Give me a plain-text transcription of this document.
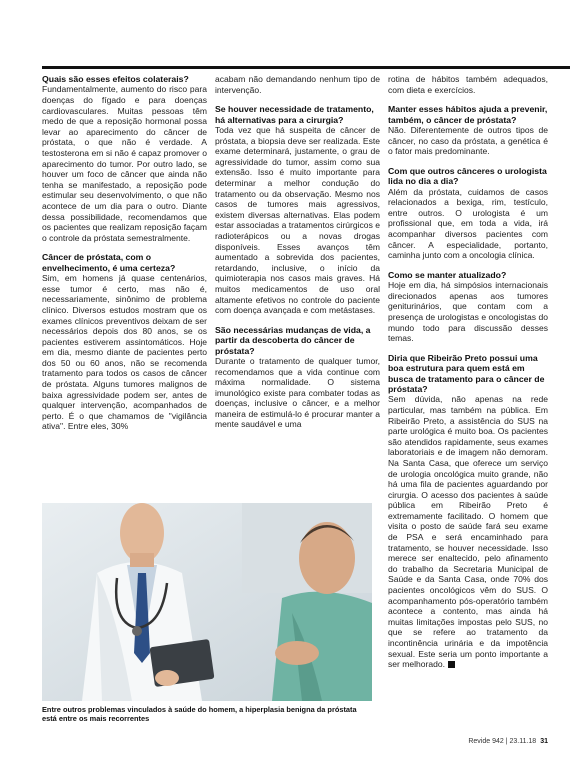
Quais são esses efeitos colaterais?

Fundamentalmente, aumento do risco para doenças do fígado e para doenças cardiovasculares. Muitas pessoas têm medo de que a reposição hormonal possa levar ao aparecimento do câncer de próstata, o que não é verdade. A testosterona em si não é capaz promover o aparecimento do tumor. Por outro lado, se houver um foco de câncer que ainda não tenha se manifestado, a reposição pode estimular seu desenvolvimento, o que não acontece de um dia para o outro. Diante dessa possibilidade, recomendamos que os pacientes que realizam reposição façam o controle da próstata semestralmente.

Câncer de próstata, com o envelhecimento, é uma certeza?

Sim, em homens já quase centenários, esse tumor é certo, mas não é, necessariamente, sinônimo de problema clínico. Diversos estudos mostram que os exames clínicos preventivos deixam de ser necessários depois dos 80 anos, se os pacientes estiverem assintomáticos. Hoje em dia, mesmo diante de pacientes perto dos 50 ou 60 anos, não se recomenda tratamento para todos os casos de câncer de próstata. Alguns tumores malignos de baixa agressividade podem ser, antes de qualquer intervenção, acompanhados de perto. É o que chamamos de "vigilância ativa". Entre eles, 30%

acabam não demandando nenhum tipo de intervenção.

Se houver necessidade de tratamento, há alternativas para a cirurgia?

Toda vez que há suspeita de câncer de próstata, a biopsia deve ser realizada. Este exame determinará, justamente, o grau de agressividade do tumor, assim como sua extensão. Isso é muito importante para determinar a melhor condução do tratamento ou da observação. Mesmo nos casos de tumores mais agressivos, existem diversas alternativas. Elas podem estar associadas a tratamentos cirúrgicos e radioterápicos ou a novas drogas disponíveis. Esses avanços têm aumentado a sobrevida dos pacientes, retardando, inclusive, o início da quimioterapia nos casos mais graves. Há muitos medicamentos de uso oral altamente efetivos no controle do paciente com doença avançada e com metástases.

São necessárias mudanças de vida, a partir da descoberta do câncer de próstata?

Durante o tratamento de qualquer tumor, recomendamos que a vida continue com máxima normalidade. O sistema imunológico existe para combater todas as doenças, inclusive o câncer, e a melhor maneira de estimulá-lo é procurar manter a mente saudável e uma

rotina de hábitos também adequados, com dieta e exercícios.

Manter esses hábitos ajuda a prevenir, também, o câncer de próstata?

Não. Diferentemente de outros tipos de câncer, no caso da próstata, a genética é o fator mais predominante.

Com que outros cânceres o urologista lida no dia a dia?

Além da próstata, cuidamos de casos relacionados a bexiga, rim, testículo, entre outros. O urologista é um profissional que, em toda a vida, irá acompanhar diversos pacientes com câncer. A especialidade, portanto, caminha junto com a oncologia clínica.

Como se manter atualizado?

Hoje em dia, há simpósios internacionais direcionados apenas aos tumores geniturinários, que contam com a presença de urologistas e oncologistas do mundo todo para discussão desses temas.

Diria que Ribeirão Preto possui uma boa estrutura para quem está em busca de tratamento para o câncer de próstata?

Sem dúvida, não apenas na rede particular, mas também na pública. Em Ribeirão Preto, a assistência do SUS na parte urológica é muito boa. Os pacientes são atendidos rapidamente, seus exames laboratoriais e de imagem não demoram. Na Santa Casa, que oferece um serviço de urologia oncológica muito grande, não há uma fila de pacientes aguardando por cirurgia. O acesso dos pacientes à saúde pública em Ribeirão Preto é extremamente facilitado. O homem que visita o posto de saúde fará seu exame de PSA e será encaminhado para tratamento, se houver necessidade. Isso merece ser enaltecido, pelo afinamento do trabalho da Secretaria Municipal de Saúde e da Santa Casa, onde 70% dos pacientes oncológicos vêm do SUS. O acompanhamento pós-operatório também acontece a contento, mas ainda há muitas limitações impostas pelo SUS, no que se refere ao tratamento da incontinência urinária e da impotência sexual. Este seria um ponto importante a ser melhorado.

Entre outros problemas vinculados à saúde do homem, a hiperplasia benigna da próstata está entre os mais recorrentes
Revide 942 | 23.11.18 31
